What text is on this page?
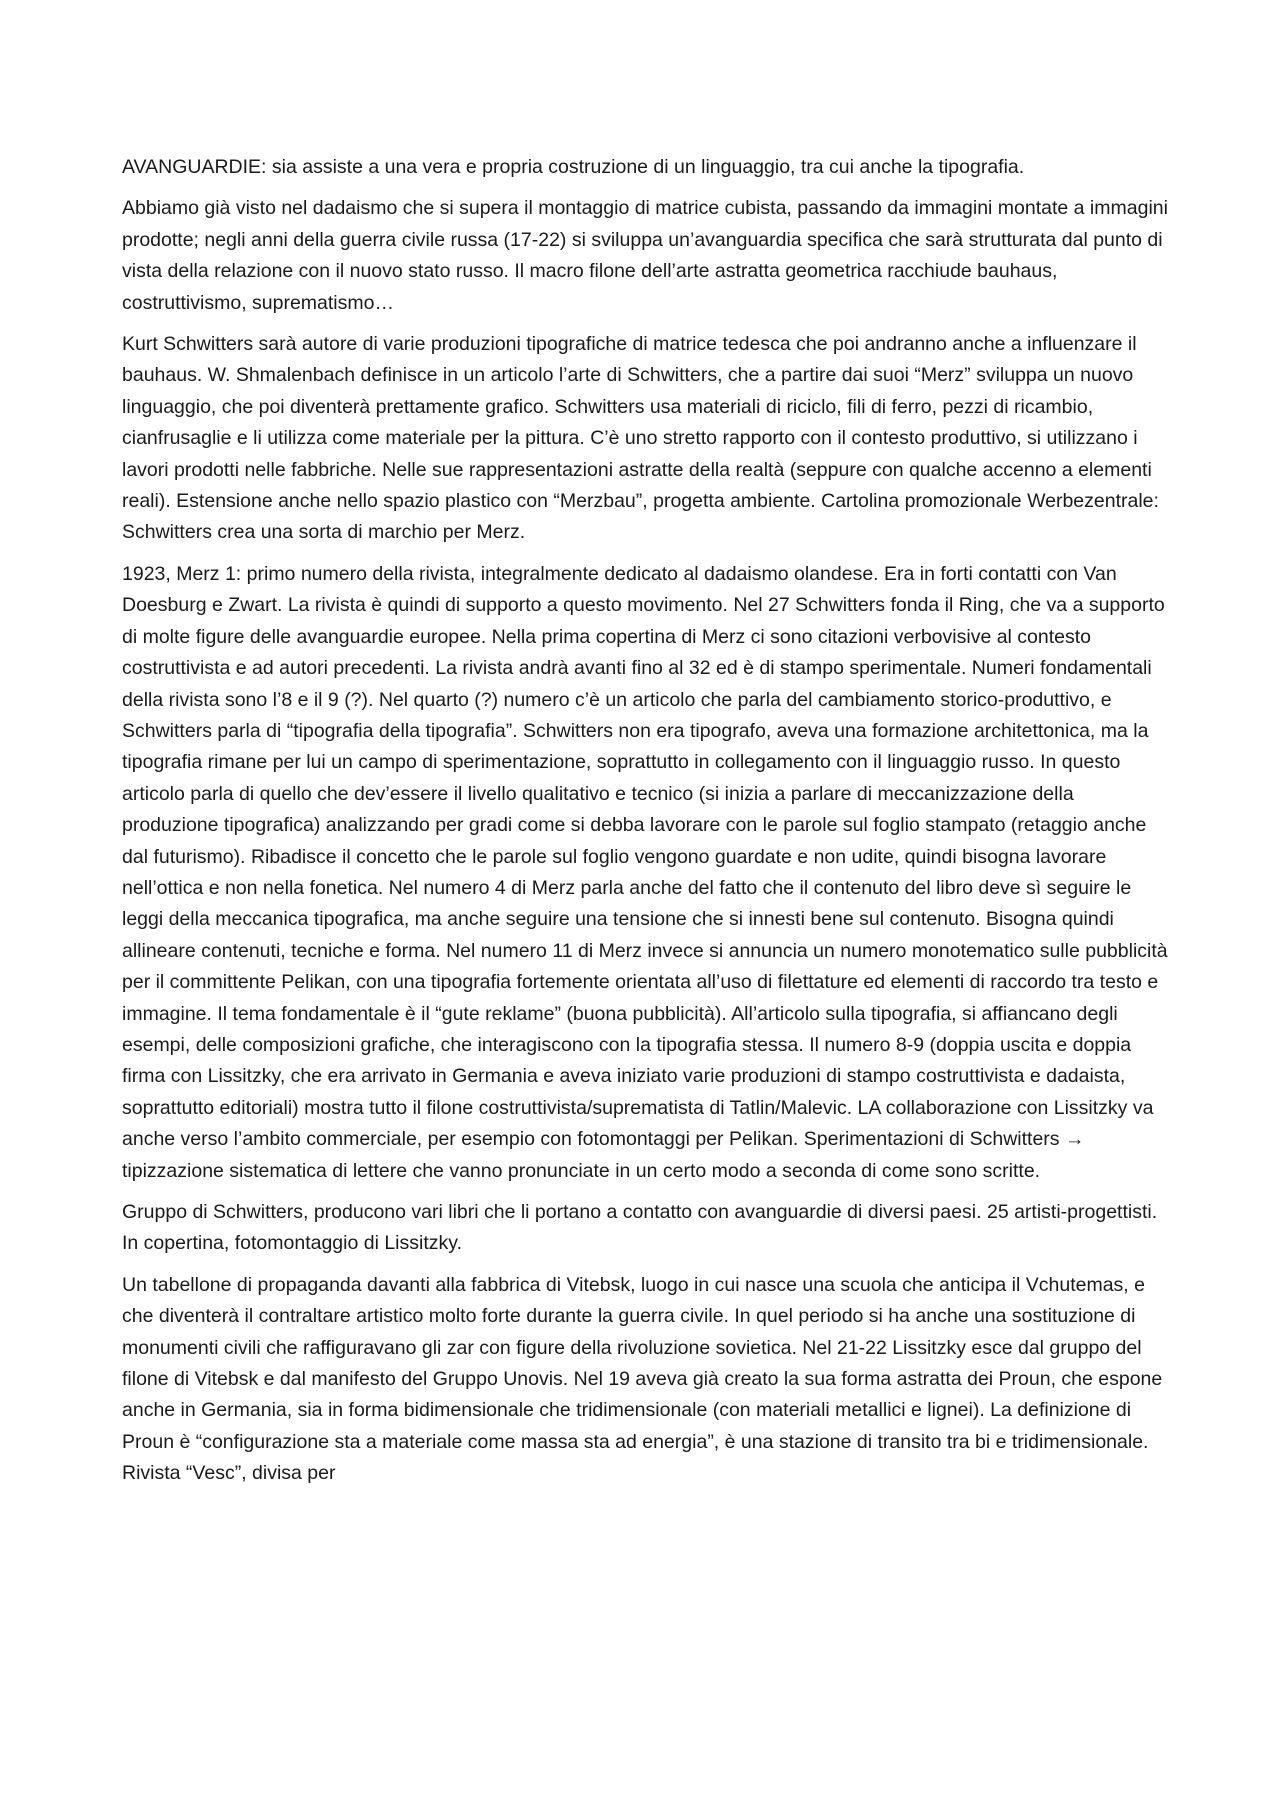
AVANGUARDIE: sia assiste a una vera e propria costruzione di un linguaggio, tra cui anche la tipografia.

Abbiamo già visto nel dadaismo che si supera il montaggio di matrice cubista, passando da immagini montate a immagini prodotte; negli anni della guerra civile russa (17-22) si sviluppa un’avanguardia specifica che sarà strutturata dal punto di vista della relazione con il nuovo stato russo. Il macro filone dell’arte astratta geometrica racchiude bauhaus, costruttivismo, suprematismo…

Kurt Schwitters sarà autore di varie produzioni tipografiche di matrice tedesca che poi andranno anche a influenzare il bauhaus. W. Shmalenbach definisce in un articolo l’arte di Schwitters, che a partire dai suoi “Merz” sviluppa un nuovo linguaggio, che poi diventerà prettamente grafico. Schwitters usa materiali di riciclo, fili di ferro, pezzi di ricambio, cianfrusaglie e li utilizza come materiale per la pittura. C’è uno stretto rapporto con il contesto produttivo, si utilizzano i lavori prodotti nelle fabbriche. Nelle sue rappresentazioni astratte della realtà (seppure con qualche accenno a elementi reali). Estensione anche nello spazio plastico con “Merzbau”, progetta ambiente. Cartolina promozionale Werbezentrale: Schwitters crea una sorta di marchio per Merz.

1923, Merz 1: primo numero della rivista, integralmente dedicato al dadaismo olandese. Era in forti contatti con Van Doesburg e Zwart. La rivista è quindi di supporto a questo movimento. Nel 27 Schwitters fonda il Ring, che va a supporto di molte figure delle avanguardie europee. Nella prima copertina di Merz ci sono citazioni verbovisive al contesto costruttivista e ad autori precedenti. La rivista andrà avanti fino al 32 ed è di stampo sperimentale. Numeri fondamentali della rivista sono l’8 e il 9 (?). Nel quarto (?) numero c’è un articolo che parla del cambiamento storico-produttivo, e Schwitters parla di “tipografia della tipografia”. Schwitters non era tipografo, aveva una formazione architettonica, ma la tipografia rimane per lui un campo di sperimentazione, soprattutto in collegamento con il linguaggio russo. In questo articolo parla di quello che dev’essere il livello qualitativo e tecnico (si inizia a parlare di meccanizzazione della produzione tipografica) analizzando per gradi come si debba lavorare con le parole sul foglio stampato (retaggio anche dal futurismo). Ribadisce il concetto che le parole sul foglio vengono guardate e non udite, quindi bisogna lavorare nell’ottica e non nella fonetica. Nel numero 4 di Merz parla anche del fatto che il contenuto del libro deve sì seguire le leggi della meccanica tipografica, ma anche seguire una tensione che si innesti bene sul contenuto. Bisogna quindi allineare contenuti, tecniche e forma. Nel numero 11 di Merz invece si annuncia un numero monotematico sulle pubblicità per il committente Pelikan, con una tipografia fortemente orientata all’uso di filettature ed elementi di raccordo tra testo e immagine. Il tema fondamentale è il “gute reklame” (buona pubblicità). All’articolo sulla tipografia, si affiancano degli esempi, delle composizioni grafiche, che interagiscono con la tipografia stessa. Il numero 8-9 (doppia uscita e doppia firma con Lissitzky, che era arrivato in Germania e aveva iniziato varie produzioni di stampo costruttivista e dadaista, soprattutto editoriali) mostra tutto il filone costruttivista/suprematista di Tatlin/Malevic. LA collaborazione con Lissitzky va anche verso l’ambito commerciale, per esempio con fotomontaggi per Pelikan. Sperimentazioni di Schwitters → tipizzazione sistematica di lettere che vanno pronunciate in un certo modo a seconda di come sono scritte.

Gruppo di Schwitters, producono vari libri che li portano a contatto con avanguardie di diversi paesi. 25 artisti-progettisti. In copertina, fotomontaggio di Lissitzky.

Un tabellone di propaganda davanti alla fabbrica di Vitebsk, luogo in cui nasce una scuola che anticipa il Vchutemas, e che diventerà il contraltare artistico molto forte durante la guerra civile. In quel periodo si ha anche una sostituzione di monumenti civili che raffiguravano gli zar con figure della rivoluzione sovietica. Nel 21-22 Lissitzky esce dal gruppo del filone di Vitebsk e dal manifesto del Gruppo Unovis. Nel 19 aveva già creato la sua forma astratta dei Proun, che espone anche in Germania, sia in forma bidimensionale che tridimensionale (con materiali metallici e lignei). La definizione di Proun è “configurazione sta a materiale come massa sta ad energia”, è una stazione di transito tra bi e tridimensionale. Rivista “Vesc”, divisa per
